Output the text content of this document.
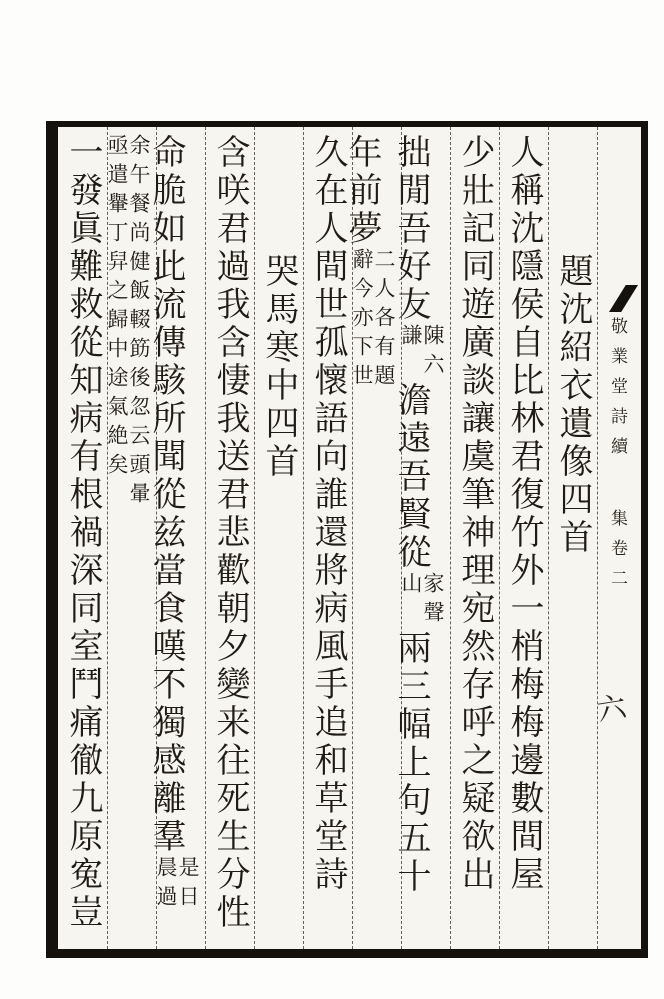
敬業堂詩續
集卷二
六
題沈紹衣遺像四首
人稱沈隱侯自比林君復竹外一梢梅梅邊數間屋
少壯記同遊廣談讓虞筆神理宛然存呼之疑欲出
拙閒吾好友
陳六
謙
澹遠吾賢從
家聲
山
兩三幅上句五十
年前夢
二人各有題
辭今亦下世
久在人間世孤懷語向誰還將病風手追和草堂詩
哭馬寒中四首
含咲君過我含悽我送君悲歡朝夕變来往死生分性
命脆如此流傳駭所聞從兹當食嘆不獨感離羣
是日
晨過
余午餐尚健飯輟筯後忽云頭暈
亟遣轝丁舁之歸中途氣絶矣
一發眞難救從知病有根禍深同室鬥痛徹九原寃豈
